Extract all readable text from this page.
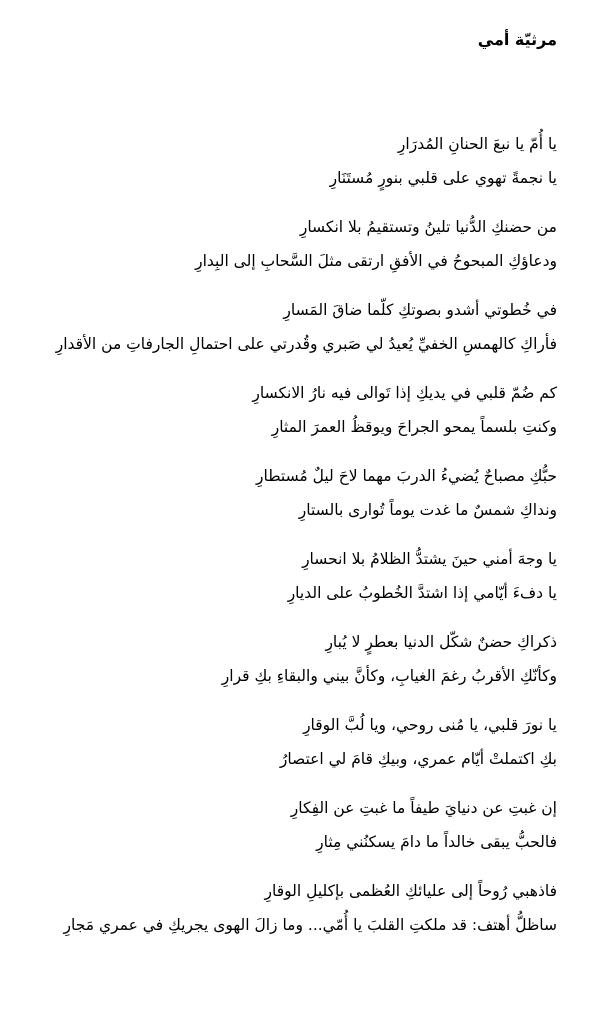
مرثيّة أمي
يا أُمّ يا نبعَ الحنانِ المُدرَارِ
يا نجمةً تهوي على قلبي بنورٍ مُستَنَارِ
من حضنكِ الدُّنيا تلينُ وتستقيمُ بلا انكسارِ
ودعاؤكِ المبحوحُ في الأفقِ ارتقى مثلَ السَّحابِ إلى البِدارِ
في خُطوتي أشدو بصوتكِ كلّما ضاقَ المَسارِ
فأراكِ كالهمسِ الخفيِّ يُعيدُ لي صَبري وقُدرتي على احتمالِ الجارفاتِ من الأقدارِ
كم ضُمّ قلبي في يديكِ إذا تَوالى فيه نارُ الانكسارِ
وكنتِ بلسماً يمحو الجراحَ ويوقظُ العمرَ المثارِ
حبُّكِ مصباحٌ يُضيءُ الدربَ مهما لاحَ ليلٌ مُستطارِ
ونداكِ شمسٌ ما غدت يوماً تُوارى بالستارِ
يا وجهَ أمني حينَ يشتدُّ الظلامُ بلا انحسارِ
يا دفءَ أيّامي إذا اشتدَّ الخُطوبُ على الديارِ
ذكراكِ حضنٌ شكّل الدنيا بعطرٍ لا يُبارِ
وكأنّكِ الأقربُ رغمَ الغيابِ، وكأنَّ بيني والبقاءِ بكِ قرارِ
يا نورَ قلبي، يا مُنى روحي، ويا لُبَّ الوقارِ
بكِ اكتملتْ أيّام عمري، وبيكِ قامَ لي اعتصارُ
إن غبتِ عن دنيايَ طيفاً ما غبتِ عن الفِكارِ
فالحبُّ يبقى خالداً ما دامَ يسكنُني مِثارِ
فاذهبي رُوحاً إلى عليائكِ العُظمى بإكليلِ الوقارِ
ساظلُّ أهتف: قد ملكتِ القلبَ يا أُمّي... وما زالَ الهوى يجريكِ في عمري مَجارِ
